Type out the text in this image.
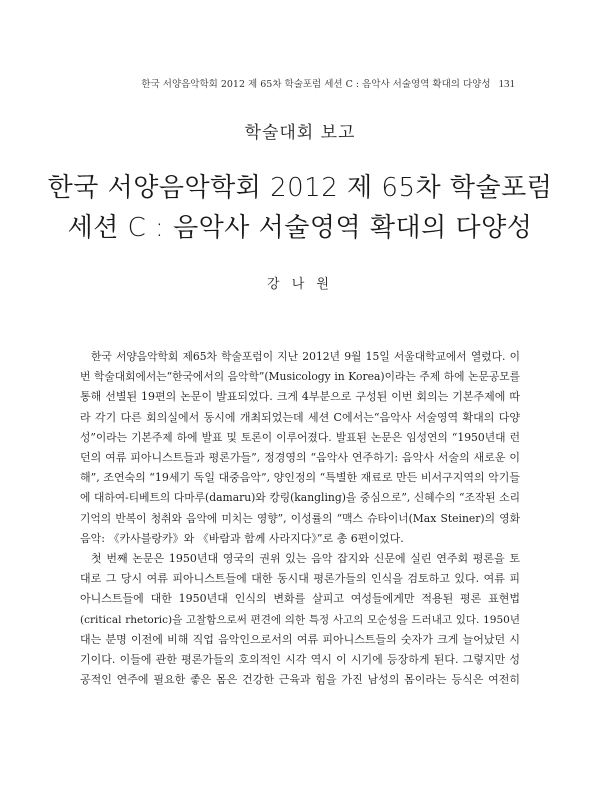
한국 서양음악학회 2012 제 65차 학술포럼 세션 C : 음악사 서술영역 확대의 다양성 131
학술대회 보고
한국 서양음악학회 2012 제 65차 학술포럼
세션 C : 음악사 서술영역 확대의 다양성
강 나 원
한국 서양음악학회 제65차 학술포럼이 지난 2012년 9월 15일 서울대학교에서 열렸다. 이
번 학술대회에서는“한국에서의 음악학”(Musicology in Korea)이라는 주제 하에 논문공모를
통해 선별된 19편의 논문이 발표되었다. 크게 4부분으로 구성된 이번 회의는 기본주제에 따
라 각기 다른 회의실에서 동시에 개최되었는데 세션 C에서는“음악사 서술영역 확대의 다양
성”이라는 기본주제 하에 발표 및 토론이 이루어졌다. 발표된 논문은 임성연의 “1950년대 런
던의 여류 피아니스트들과 평론가들”, 정경영의 “음악사 연주하기: 음악사 서술의 새로운 이
해”, 조연숙의 “19세기 독일 대중음악”, 양인정의 “특별한 재료로 만든 비서구지역의 악기들
에 대하여-티베트의 다마루(damaru)와 캉링(kangling)을 중심으로”, 신혜수의 “조작된 소리
기억의 반복이 청취와 음악에 미치는 영향”, 이성률의 “맥스 슈타이너(Max Steiner)의 영화
음악: 《카사블랑카》와 《바람과 함께 사라지다》”로 총 6편이었다.
첫 번째 논문은 1950년대 영국의 권위 있는 음악 잡지와 신문에 실린 연주회 평론을 토
대로 그 당시 여류 피아니스트들에 대한 동시대 평론가들의 인식을 검토하고 있다. 여류 피
아니스트들에 대한 1950년대 인식의 변화를 살피고 여성들에게만 적용된 평론 표현법
(critical rhetoric)을 고찰함으로써 편견에 의한 특정 사고의 모순성을 드러내고 있다. 1950년
대는 분명 이전에 비해 직업 음악인으로서의 여류 피아니스트들의 숫자가 크게 늘어났던 시
기이다. 이들에 관한 평론가들의 호의적인 시각 역시 이 시기에 등장하게 된다. 그렇지만 성
공적인 연주에 필요한 좋은 몸은 건강한 근육과 힘을 가진 남성의 몸이라는 등식은 여전히
